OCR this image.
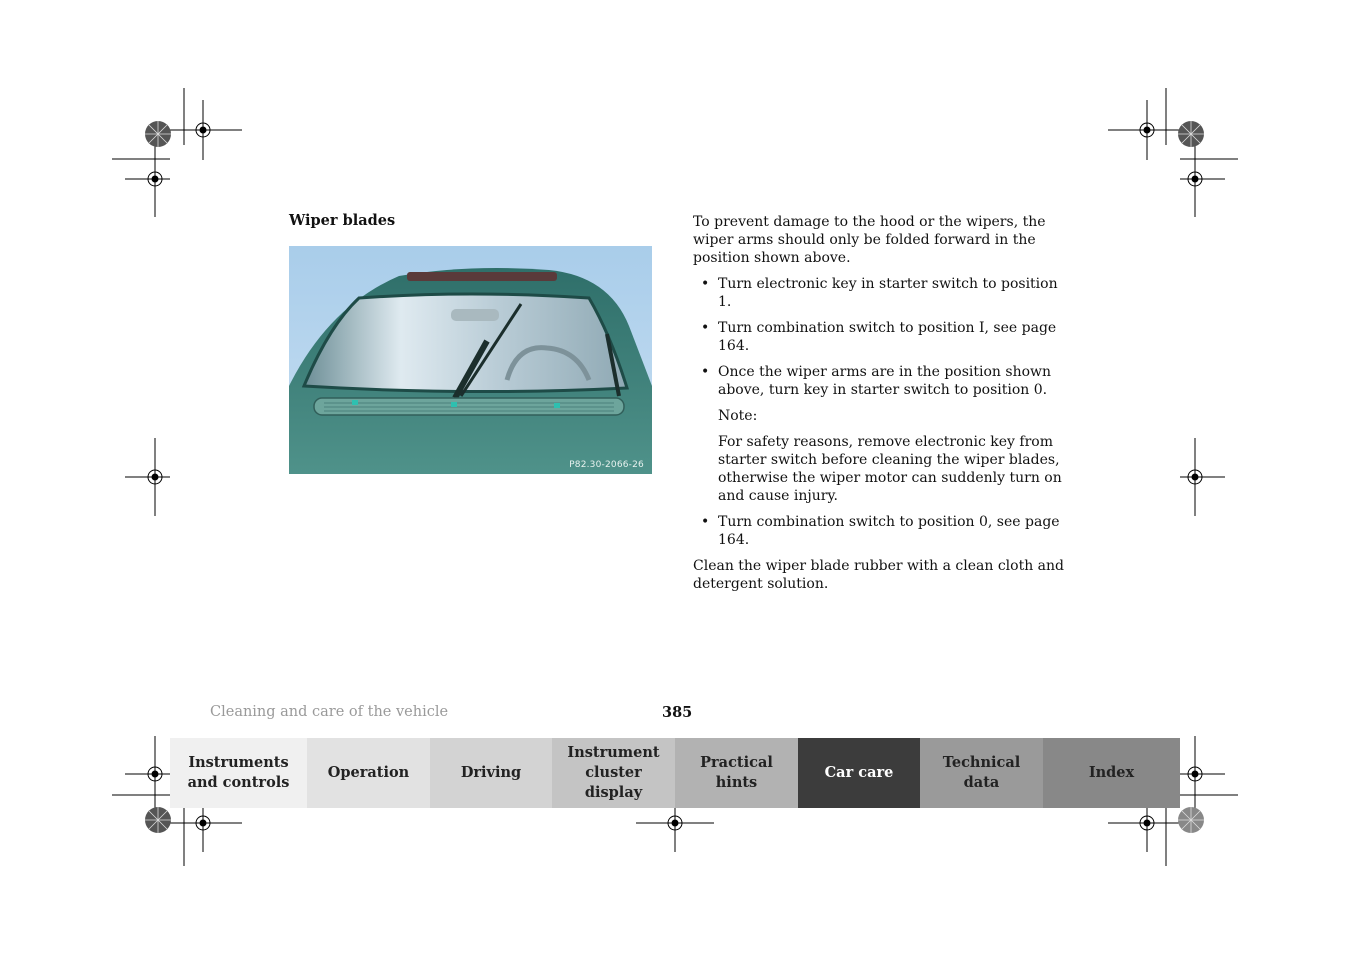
Wiper blades
P82.30-2066-26

To prevent damage to the hood or the wipers, the wiper arms should only be folded forward in the position shown above.

• Turn electronic key in starter switch to position 1.
• Turn combination switch to position I, see page 164.
• Once the wiper arms are in the position shown above, turn key in starter switch to position 0.

Note:

For safety reasons, remove electronic key from starter switch before cleaning the wiper blades, otherwise the wiper motor can suddenly turn on and cause injury.

• Turn combination switch to position 0, see page 164.

Clean the wiper blade rubber with a clean cloth and detergent solution.

Cleaning and care of the vehicle	385
Instruments
and controls
Operation	Driving
Instrument
cluster display
Practical hints
Car care
Technical
data
Index
